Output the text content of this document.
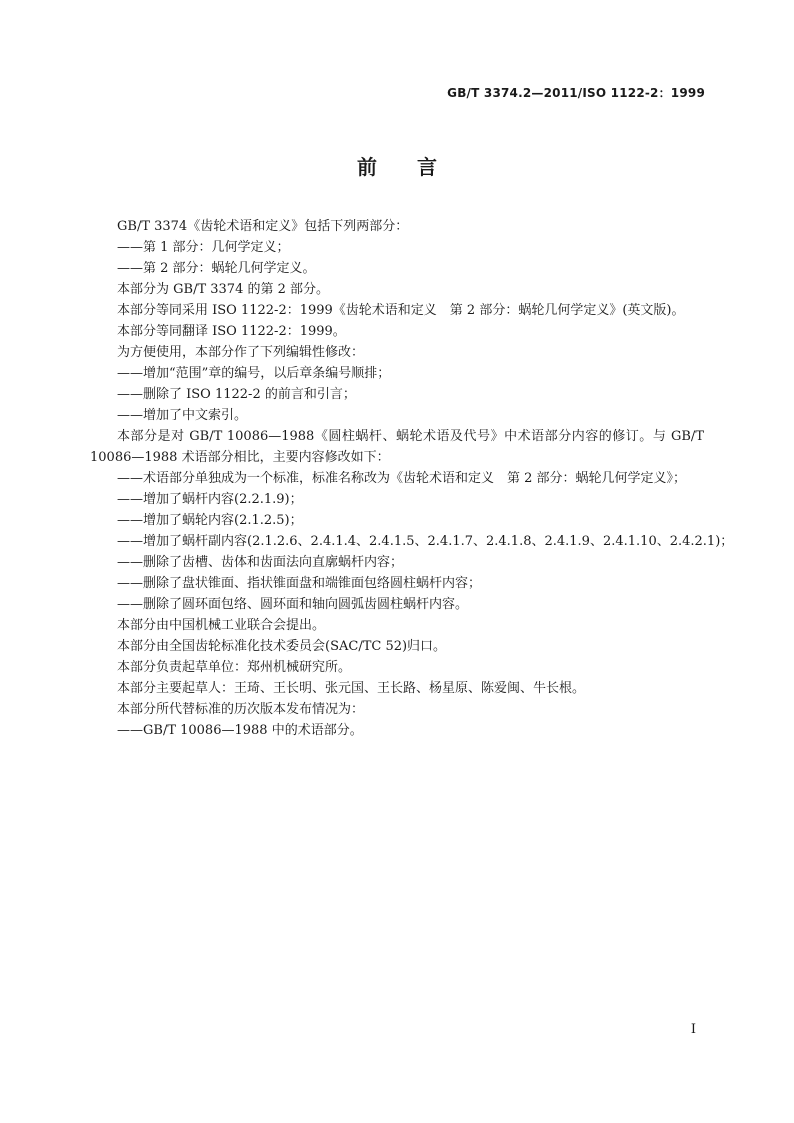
GB/T 3374.2—2011/ISO 1122-2：1999
前言

GB/T 3374《齿轮术语和定义》包括下列两部分：

——第 1 部分：几何学定义；

——第 2 部分：蜗轮几何学定义。

本部分为 GB/T 3374 的第 2 部分。

本部分等同采用 ISO 1122-2：1999《齿轮术语和定义　第 2 部分：蜗轮几何学定义》(英文版)。

本部分等同翻译 ISO 1122-2：1999。

为方便使用，本部分作了下列编辑性修改：

——增加“范围”章的编号，以后章条编号顺排；

——删除了 ISO 1122-2 的前言和引言；

——增加了中文索引。

本部分是对 GB/T 10086—1988《圆柱蜗杆、蜗轮术语及代号》中术语部分内容的修订。与 GB/T 10086—1988 术语部分相比，主要内容修改如下：

——术语部分单独成为一个标准，标准名称改为《齿轮术语和定义　第 2 部分：蜗轮几何学定义》；

——增加了蜗杆内容(2.2.1.9)；

——增加了蜗轮内容(2.1.2.5)；

——增加了蜗杆副内容(2.1.2.6、2.4.1.4、2.4.1.5、2.4.1.7、2.4.1.8、2.4.1.9、2.4.1.10、2.4.2.1)；

——删除了齿槽、齿体和齿面法向直廓蜗杆内容；

——删除了盘状锥面、指状锥面盘和端锥面包络圆柱蜗杆内容；

——删除了圆环面包络、圆环面和轴向圆弧齿圆柱蜗杆内容。

本部分由中国机械工业联合会提出。

本部分由全国齿轮标准化技术委员会(SAC/TC 52)归口。

本部分负责起草单位：郑州机械研究所。

本部分主要起草人：王琦、王长明、张元国、王长路、杨星原、陈爱闽、牛长根。

本部分所代替标准的历次版本发布情况为：

——GB/T 10086—1988 中的术语部分。

I
